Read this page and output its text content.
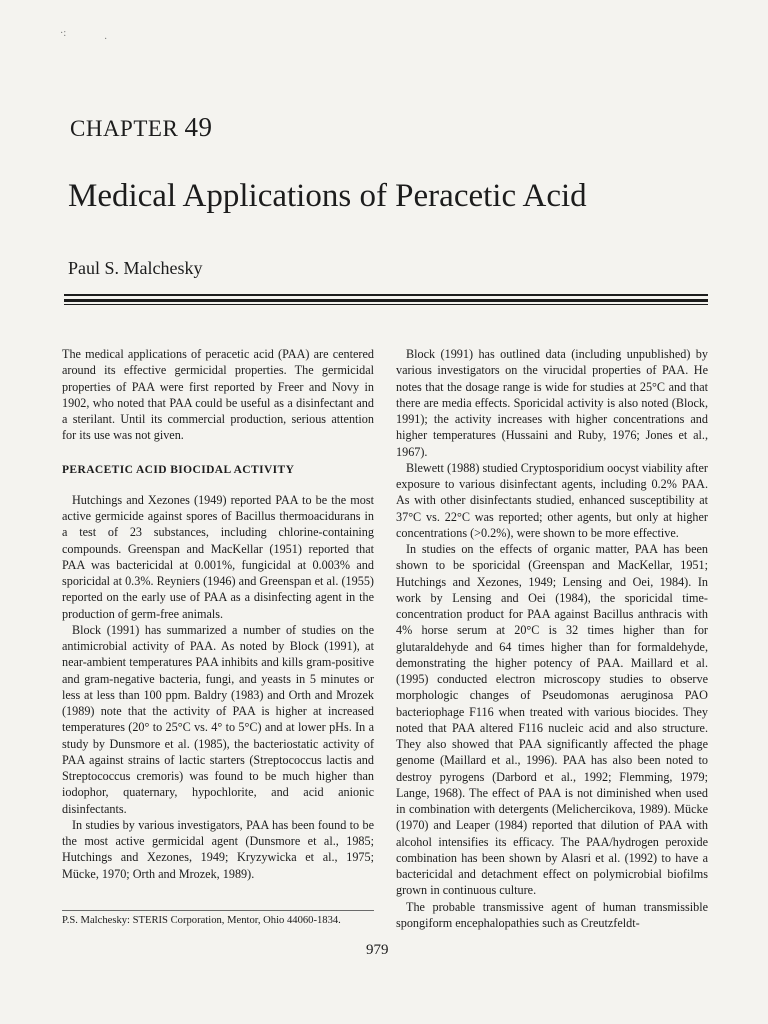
·:
·
CHAPTER 49
Medical Applications of Peracetic Acid
Paul S. Malchesky

The medical applications of peracetic acid (PAA) are centered around its effective germicidal properties. The germicidal properties of PAA were first reported by Freer and Novy in 1902, who noted that PAA could be useful as a disinfectant and a sterilant. Until its commercial production, serious attention for its use was not given.

PERACETIC ACID BIOCIDAL ACTIVITY

Hutchings and Xezones (1949) reported PAA to be the most active germicide against spores of Bacillus thermoacidurans in a test of 23 substances, including chlorine-containing compounds. Greenspan and MacKellar (1951) reported that PAA was bactericidal at 0.001%, fungicidal at 0.003% and sporicidal at 0.3%. Reyniers (1946) and Greenspan et al. (1955) reported on the early use of PAA as a disinfecting agent in the production of germ-free animals.

Block (1991) has summarized a number of studies on the antimicrobial activity of PAA. As noted by Block (1991), at near-ambient temperatures PAA inhibits and kills gram-positive and gram-negative bacteria, fungi, and yeasts in 5 minutes or less at less than 100 ppm. Baldry (1983) and Orth and Mrozek (1989) note that the activity of PAA is higher at increased temperatures (20° to 25°C vs. 4° to 5°C) and at lower pHs. In a study by Dunsmore et al. (1985), the bacteriostatic activity of PAA against strains of lactic starters (Streptococcus lactis and Streptococcus cremoris) was found to be much higher than iodophor, quaternary, hypochlorite, and acid anionic disinfectants.

In studies by various investigators, PAA has been found to be the most active germicidal agent (Dunsmore et al., 1985; Hutchings and Xezones, 1949; Kryzywicka et al., 1975; Mücke, 1970; Orth and Mrozek, 1989).

Block (1991) has outlined data (including unpublished) by various investigators on the virucidal properties of PAA. He notes that the dosage range is wide for studies at 25°C and that there are media effects. Sporicidal activity is also noted (Block, 1991); the activity increases with higher concentrations and higher temperatures (Hussaini and Ruby, 1976; Jones et al., 1967).

Blewett (1988) studied Cryptosporidium oocyst viability after exposure to various disinfectant agents, including 0.2% PAA. As with other disinfectants studied, enhanced susceptibility at 37°C vs. 22°C was reported; other agents, but only at higher concentrations (>0.2%), were shown to be more effective.

In studies on the effects of organic matter, PAA has been shown to be sporicidal (Greenspan and MacKellar, 1951; Hutchings and Xezones, 1949; Lensing and Oei, 1984). In work by Lensing and Oei (1984), the sporicidal time-concentration product for PAA against Bacillus anthracis with 4% horse serum at 20°C is 32 times higher than for glutaraldehyde and 64 times higher than for formaldehyde, demonstrating the higher potency of PAA. Maillard et al. (1995) conducted electron microscopy studies to observe morphologic changes of Pseudomonas aeruginosa PAO bacteriophage F116 when treated with various biocides. They noted that PAA altered F116 nucleic acid and also structure. They also showed that PAA significantly affected the phage genome (Maillard et al., 1996). PAA has also been noted to destroy pyrogens (Darbord et al., 1992; Flemming, 1979; Lange, 1968). The effect of PAA is not diminished when used in combination with detergents (Melichercikova, 1989). Mücke (1970) and Leaper (1984) reported that dilution of PAA with alcohol intensifies its efficacy. The PAA/hydrogen peroxide combination has been shown by Alasri et al. (1992) to have a bactericidal and detachment effect on polymicrobial biofilms grown in continuous culture.

The probable transmissive agent of human transmissible spongiform encephalopathies such as Creutzfeldt-

P.S. Malchesky: STERIS Corporation, Mentor, Ohio 44060-1834.

979
